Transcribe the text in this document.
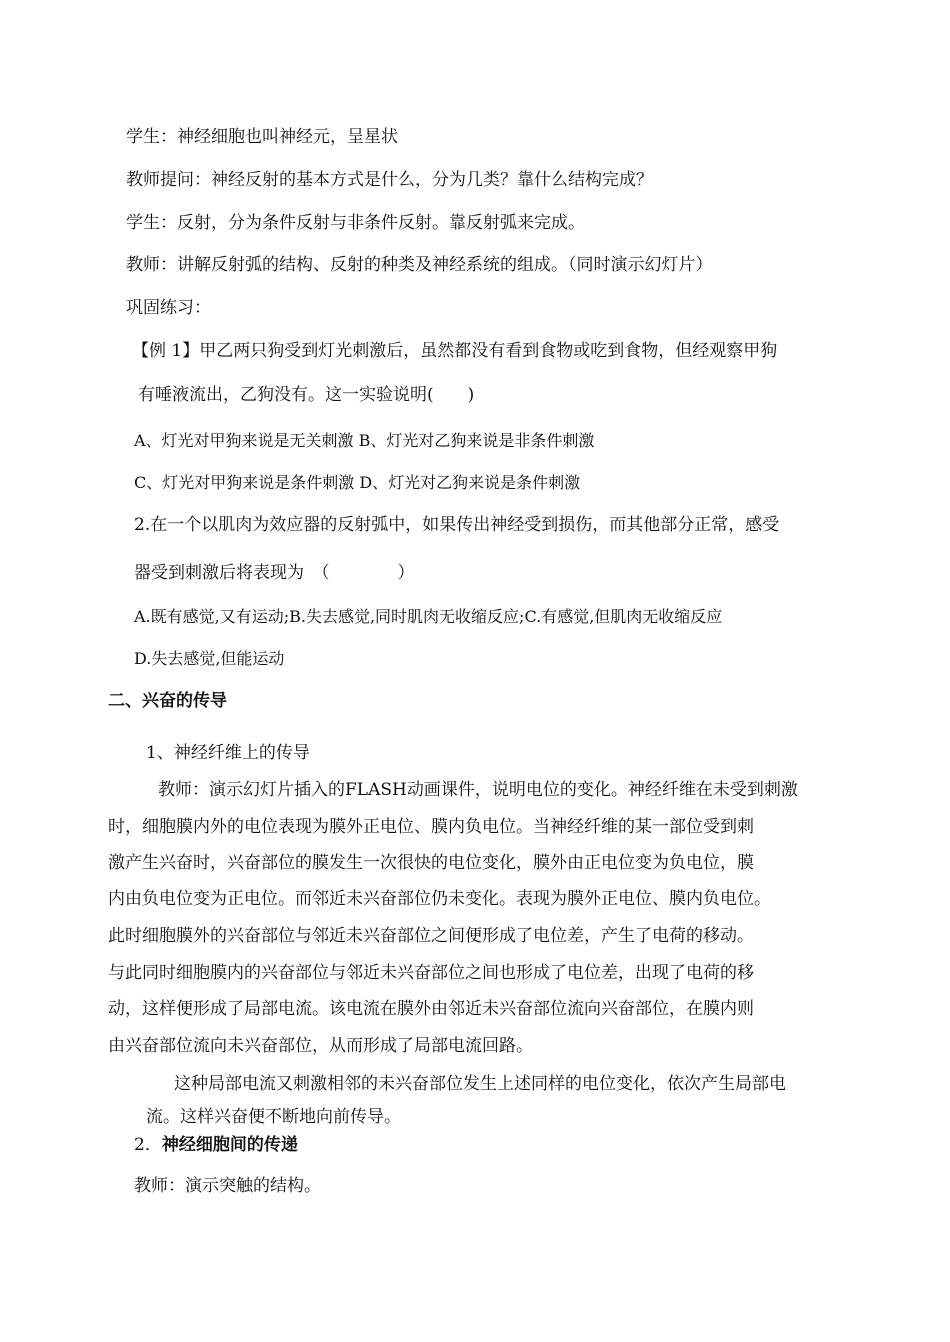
学生：神经细胞也叫神经元，呈星状
教师提问：神经反射的基本方式是什么，分为几类？靠什么结构完成？
学生：反射，分为条件反射与非条件反射。靠反射弧来完成。
教师：讲解反射弧的结构、反射的种类及神经系统的组成。（同时演示幻灯片）
巩固练习：
【例 1】甲乙两只狗受到灯光刺激后，虽然都没有看到食物或吃到食物，但经观察甲狗
有唾液流出，乙狗没有。这一实验说明(　　)
A、灯光对甲狗来说是无关刺激 B、灯光对乙狗来说是非条件刺激
C、灯光对甲狗来说是条件刺激 D、灯光对乙狗来说是条件刺激
2.在一个以肌肉为效应器的反射弧中，如果传出神经受到损伤，而其他部分正常，感受
器受到刺激后将表现为　（　　　　）
A.既有感觉,又有运动;B.失去感觉,同时肌肉无收缩反应;C.有感觉,但肌肉无收缩反应
D.失去感觉,但能运动
二、兴奋的传导
1、神经纤维上的传导
教师：演示幻灯片插入的FLASH动画课件，说明电位的变化。神经纤维在未受到刺激
时，细胞膜内外的电位表现为膜外正电位、膜内负电位。当神经纤维的某一部位受到刺
激产生兴奋时，兴奋部位的膜发生一次很快的电位变化，膜外由正电位变为负电位，膜
内由负电位变为正电位。而邻近未兴奋部位仍未变化。表现为膜外正电位、膜内负电位。
此时细胞膜外的兴奋部位与邻近未兴奋部位之间便形成了电位差，产生了电荷的移动。
与此同时细胞膜内的兴奋部位与邻近未兴奋部位之间也形成了电位差，出现了电荷的移
动，这样便形成了局部电流。该电流在膜外由邻近未兴奋部位流向兴奋部位，在膜内则
由兴奋部位流向未兴奋部位，从而形成了局部电流回路。
这种局部电流又刺激相邻的未兴奋部位发生上述同样的电位变化，依次产生局部电
流。这样兴奋便不断地向前传导。
2．神经细胞间的传递
教师：演示突触的结构。
